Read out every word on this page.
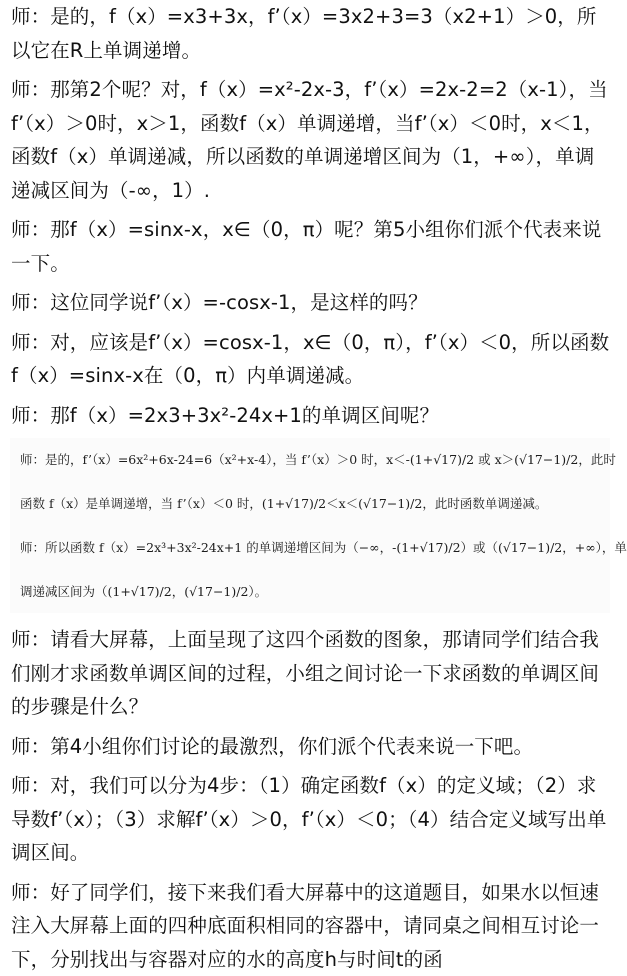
师：是的，f（x）=x3+3x，f’（x）=3x2+3=3（x2+1）＞0，所以它在R上单调递增。

师：那第2个呢？对，f（x）=x²-2x-3，f’（x）=2x-2=2（x-1），当f’（x）＞0时，x＞1，函数f（x）单调递增，当f’（x）＜0时，x＜1，函数f（x）单调递减，所以函数的单调递增区间为（1，+∞），单调递减区间为（-∞，1）.

师：那f（x）=sinx-x，x∈（0，π）呢？第5小组你们派个代表来说一下。

师：这位同学说f’（x）=-cosx-1，是这样的吗？

师：对，应该是f’（x）=cosx-1，x∈（0，π），f’（x）＜0，所以函数f（x）=sinx-x在（0，π）内单调递减。

师：那f（x）=2x3+3x²-24x+1的单调区间呢？

师：是的，f’（x）=6x²+6x-24=6（x²+x-4），当 f’（x）＞0 时，x＜-(1+√17)/2 或 x＞(√17−1)/2，此时
函数 f（x）是单调递增，当 f’（x）＜0 时，(1+√17)/2＜x＜(√17−1)/2，此时函数单调递减。
师：所以函数 f（x）=2x³+3x²-24x+1 的单调递增区间为（−∞，-(1+√17)/2）或（(√17−1)/2，+∞），单
调递减区间为（(1+√17)/2，(√17−1)/2）。

师：请看大屏幕，上面呈现了这四个函数的图象，那请同学们结合我们刚才求函数单调区间的过程，小组之间讨论一下求函数的单调区间的步骤是什么？

师：第4小组你们讨论的最激烈，你们派个代表来说一下吧。

师：对，我们可以分为4步：（1）确定函数f（x）的定义域；（2）求导数f’（x）；（3）求解f’（x）＞0，f’（x）＜0；（4）结合定义域写出单调区间。

师：好了同学们，接下来我们看大屏幕中的这道题目，如果水以恒速注入大屏幕上面的四种底面积相同的容器中，请同桌之间相互讨论一下，分别找出与容器对应的水的高度h与时间t的函
